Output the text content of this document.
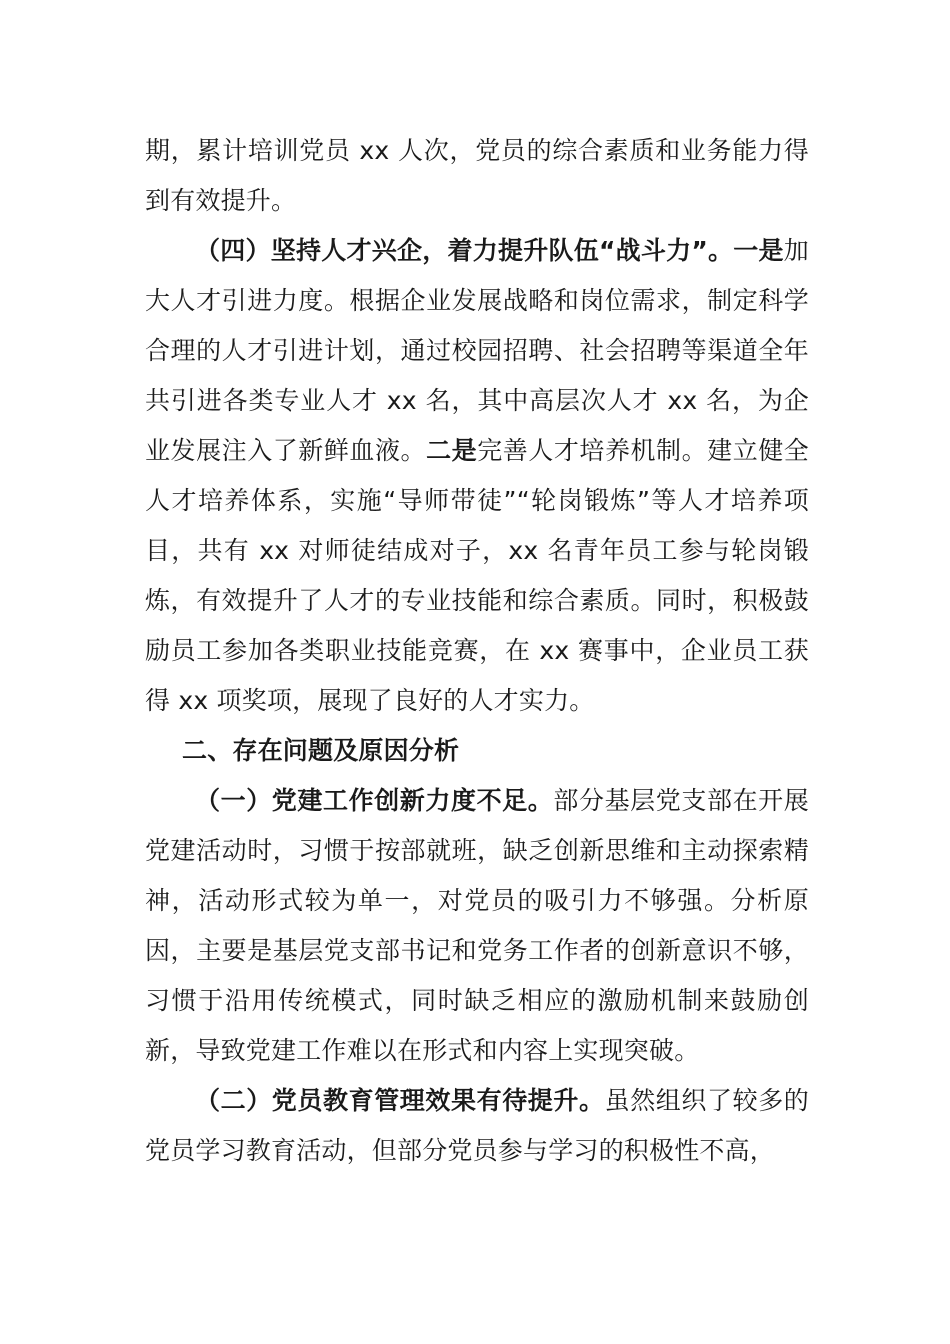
期，累计培训党员 xx 人次，党员的综合素质和业务能力得到有效提升。

（四）坚持人才兴企，着力提升队伍“战斗力”。一是加大人才引进力度。根据企业发展战略和岗位需求，制定科学合理的人才引进计划，通过校园招聘、社会招聘等渠道全年共引进各类专业人才 xx 名，其中高层次人才 xx 名，为企业发展注入了新鲜血液。二是完善人才培养机制。建立健全人才培养体系，实施“导师带徒”“轮岗锻炼”等人才培养项目，共有 xx 对师徒结成对子，xx 名青年员工参与轮岗锻炼，有效提升了人才的专业技能和综合素质。同时，积极鼓励员工参加各类职业技能竞赛，在 xx 赛事中，企业员工获得 xx 项奖项，展现了良好的人才实力。

二、存在问题及原因分析

（一）党建工作创新力度不足。部分基层党支部在开展党建活动时，习惯于按部就班，缺乏创新思维和主动探索精神，活动形式较为单一，对党员的吸引力不够强。分析原因，主要是基层党支部书记和党务工作者的创新意识不够，习惯于沿用传统模式，同时缺乏相应的激励机制来鼓励创新，导致党建工作难以在形式和内容上实现突破。

（二）党员教育管理效果有待提升。虽然组织了较多的党员学习教育活动，但部分党员参与学习的积极性不高，
